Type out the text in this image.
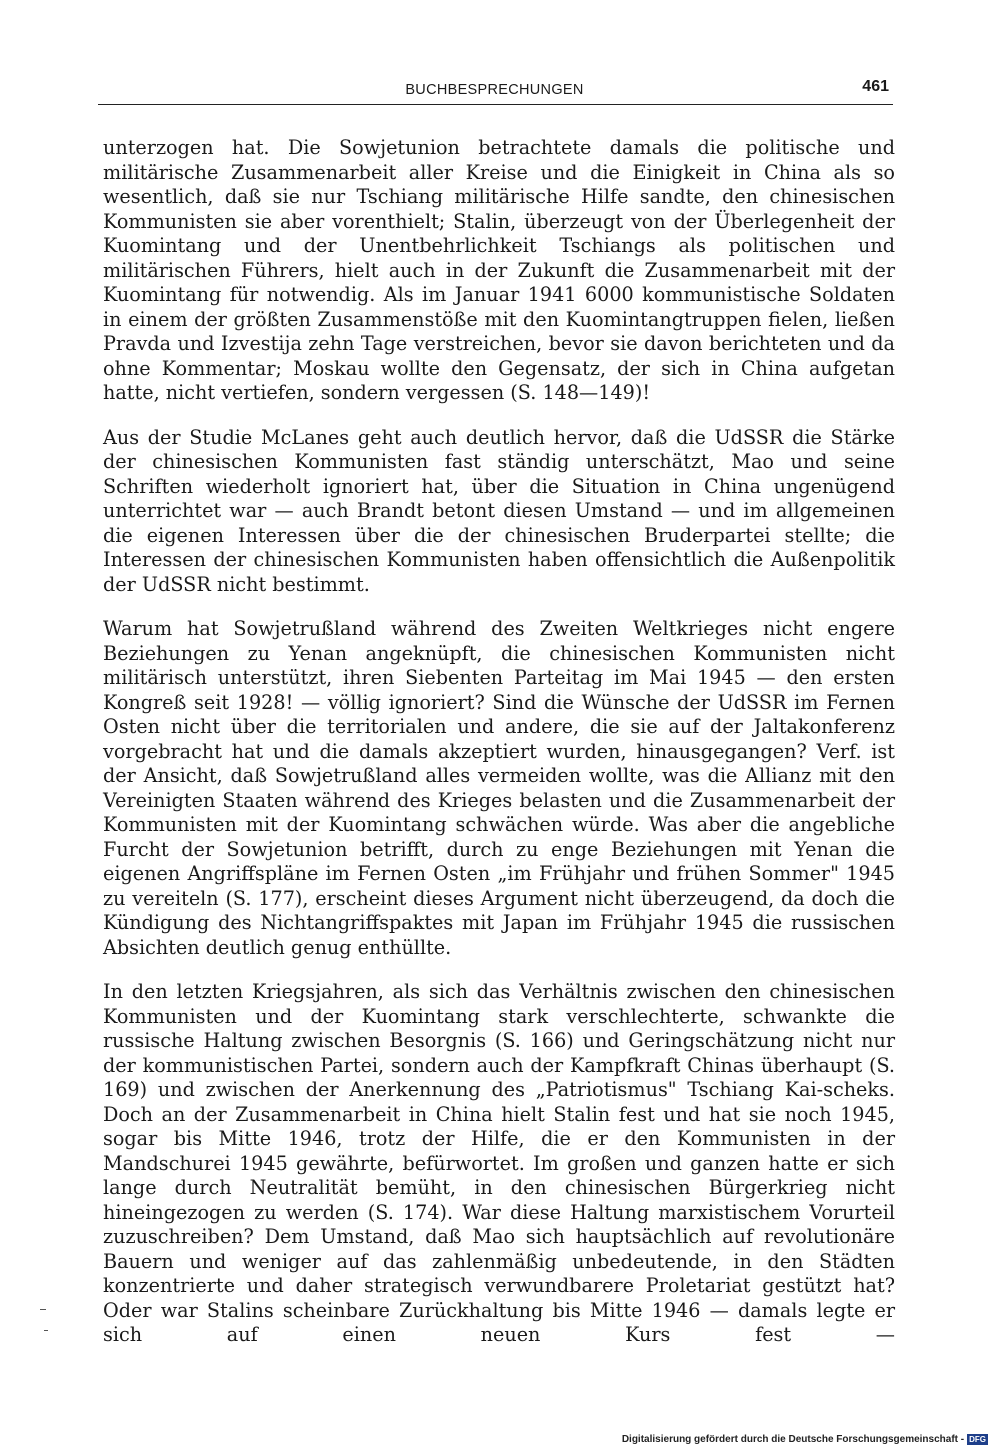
BUCHBESPRECHUNGEN	461

unterzogen hat. Die Sowjetunion betrachtete damals die politische und militärische Zusammenarbeit aller Kreise und die Einigkeit in China als so wesentlich, daß sie nur Tschiang militärische Hilfe sandte, den chinesischen Kommunisten sie aber vorenthielt; Stalin, überzeugt von der Überlegenheit der Kuomintang und der Unentbehrlichkeit Tschiangs als politischen und militärischen Führers, hielt auch in der Zukunft die Zusammenarbeit mit der Kuomintang für notwendig. Als im Januar 1941 6000 kommunistische Soldaten in einem der größten Zusammenstöße mit den Kuomintangtruppen fielen, ließen Pravda und Izvestija zehn Tage verstreichen, bevor sie davon berichteten und da ohne Kommentar; Moskau wollte den Gegensatz, der sich in China aufgetan hatte, nicht vertiefen, sondern vergessen (S. 148—149)!

Aus der Studie McLanes geht auch deutlich hervor, daß die UdSSR die Stärke der chinesischen Kommunisten fast ständig unterschätzt, Mao und seine Schriften wiederholt ignoriert hat, über die Situation in China ungenügend unterrichtet war — auch Brandt betont diesen Umstand — und im allgemeinen die eigenen Interessen über die der chinesischen Bruderpartei stellte; die Interessen der chinesischen Kommunisten haben offensichtlich die Außenpolitik der UdSSR nicht bestimmt.

Warum hat Sowjetrußland während des Zweiten Weltkrieges nicht engere Beziehungen zu Yenan angeknüpft, die chinesischen Kommunisten nicht militärisch unterstützt, ihren Siebenten Parteitag im Mai 1945 — den ersten Kongreß seit 1928! — völlig ignoriert? Sind die Wünsche der UdSSR im Fernen Osten nicht über die territorialen und andere, die sie auf der Jaltakonferenz vorgebracht hat und die damals akzeptiert wurden, hinausgegangen? Verf. ist der Ansicht, daß Sowjetrußland alles vermeiden wollte, was die Allianz mit den Vereinigten Staaten während des Krieges belasten und die Zusammenarbeit der Kommunisten mit der Kuomintang schwächen würde. Was aber die angebliche Furcht der Sowjetunion betrifft, durch zu enge Beziehungen mit Yenan die eigenen Angriffspläne im Fernen Osten „im Frühjahr und frühen Sommer" 1945 zu vereiteln (S. 177), erscheint dieses Argument nicht überzeugend, da doch die Kündigung des Nichtangriffspaktes mit Japan im Frühjahr 1945 die russischen Absichten deutlich genug enthüllte.

In den letzten Kriegsjahren, als sich das Verhältnis zwischen den chinesischen Kommunisten und der Kuomintang stark verschlechterte, schwankte die russische Haltung zwischen Besorgnis (S. 166) und Geringschätzung nicht nur der kommunistischen Partei, sondern auch der Kampfkraft Chinas überhaupt (S. 169) und zwischen der Anerkennung des „Patriotismus" Tschiang Kai-scheks. Doch an der Zusammenarbeit in China hielt Stalin fest und hat sie noch 1945, sogar bis Mitte 1946, trotz der Hilfe, die er den Kommunisten in der Mandschurei 1945 gewährte, befürwortet. Im großen und ganzen hatte er sich lange durch Neutralität bemüht, in den chinesischen Bürgerkrieg nicht hineingezogen zu werden (S. 174). War diese Haltung marxistischem Vorurteil zuzuschreiben? Dem Umstand, daß Mao sich hauptsächlich auf revolutionäre Bauern und weniger auf das zahlenmäßig unbedeutende, in den Städten konzentrierte und daher strategisch verwundbarere Proletariat gestützt hat? Oder war Stalins scheinbare Zurückhaltung bis Mitte 1946 — damals legte er sich auf einen neuen Kurs fest —

Digitalisierung gefördert durch die Deutsche Forschungsgemeinschaft - DFG
